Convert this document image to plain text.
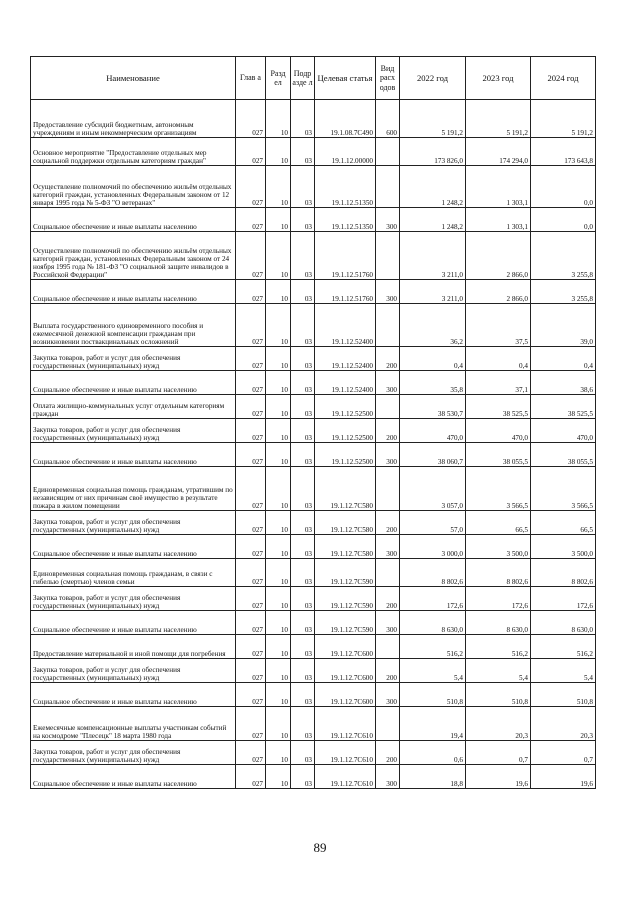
Наименование	Глав а	Разд ел	Подр азде л	Целевая статья	Вид расх одов	2022 год	2023 год	2024 год
Предоставление субсидий бюджетным, автономным учреждениям и иным некоммерческим организациям	027	10	03	19.1.08.7С490	600	5 191,2	5 191,2	5 191,2
Основное мероприятие "Предоставление отдельных мер социальной поддержки отдельным категориям граждан"	027	10	03	19.1.12.00000		173 826,0	174 294,0	173 643,8
Осуществление полномочий по обеспечению жильём отдельных категорий граждан, установленных Федеральным законом от 12 января 1995 года № 5-ФЗ "О ветеранах"	027	10	03	19.1.12.51350		1 248,2	1 303,1	0,0
Социальное обеспечение и иные выплаты населению	027	10	03	19.1.12.51350	300	1 248,2	1 303,1	0,0
Осуществление полномочий по обеспечению жильём отдельных категорий граждан, установленных Федеральным законом от 24 ноября 1995 года № 181-ФЗ "О социальной защите инвалидов в Российской Федерации"	027	10	03	19.1.12.51760		3 211,0	2 866,0	3 255,8
Социальное обеспечение и иные выплаты населению	027	10	03	19.1.12.51760	300	3 211,0	2 866,0	3 255,8
Выплата государственного единовременного пособия и ежемесячной денежной компенсации гражданам при возникновении поствакцинальных осложнений	027	10	03	19.1.12.52400		36,2	37,5	39,0
Закупка товаров, работ и услуг для обеспечения государственных (муниципальных) нужд	027	10	03	19.1.12.52400	200	0,4	0,4	0,4
Социальное обеспечение и иные выплаты населению	027	10	03	19.1.12.52400	300	35,8	37,1	38,6
Оплата жилищно-коммунальных услуг отдельным категориям граждан	027	10	03	19.1.12.52500		38 530,7	38 525,5	38 525,5
Закупка товаров, работ и услуг для обеспечения государственных (муниципальных) нужд	027	10	03	19.1.12.52500	200	470,0	470,0	470,0
Социальное обеспечение и иные выплаты населению	027	10	03	19.1.12.52500	300	38 060,7	38 055,5	38 055,5
Единовременная социальная помощь гражданам, утратившим по независящим от них причинам своё имущество в результате пожара в жилом помещении	027	10	03	19.1.12.7С580		3 057,0	3 566,5	3 566,5
Закупка товаров, работ и услуг для обеспечения государственных (муниципальных) нужд	027	10	03	19.1.12.7С580	200	57,0	66,5	66,5
Социальное обеспечение и иные выплаты населению	027	10	03	19.1.12.7С580	300	3 000,0	3 500,0	3 500,0
Единовременная социальная помощь гражданам, в связи с гибелью (смертью) членов семьи	027	10	03	19.1.12.7С590		8 802,6	8 802,6	8 802,6
Закупка товаров, работ и услуг для обеспечения государственных (муниципальных) нужд	027	10	03	19.1.12.7С590	200	172,6	172,6	172,6
Социальное обеспечение и иные выплаты населению	027	10	03	19.1.12.7С590	300	8 630,0	8 630,0	8 630,0
Предоставление материальной и иной помощи для погребения	027	10	03	19.1.12.7С600		516,2	516,2	516,2
Закупка товаров, работ и услуг для обеспечения государственных (муниципальных) нужд	027	10	03	19.1.12.7С600	200	5,4	5,4	5,4
Социальное обеспечение и иные выплаты населению	027	10	03	19.1.12.7С600	300	510,8	510,8	510,8
Ежемесячные компенсационные выплаты участникам событий на космодроме "Плесецк" 18 марта 1980 года	027	10	03	19.1.12.7С610		19,4	20,3	20,3
Закупка товаров, работ и услуг для обеспечения государственных (муниципальных) нужд	027	10	03	19.1.12.7С610	200	0,6	0,7	0,7
Социальное обеспечение и иные выплаты населению	027	10	03	19.1.12.7С610	300	18,8	19,6	19,6
89
